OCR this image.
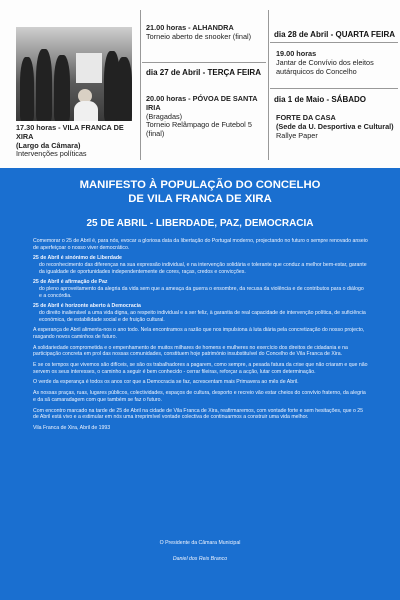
21.00 horas - ALHANDRA
Torneio aberto de snooker (final)
17.30 horas - VILA FRANCA DE XIRA
(Largo da Câmara)
Intervenções políticas
dia 27 de Abril - TERÇA FEIRA
20.00 horas - PÓVOA DE SANTA IRIA
(Bragadas)
Torneio Relâmpago de Futebol 5 (final)
dia 28 de Abril - QUARTA FEIRA
19.00 horas
Jantar de Convívio dos eleitos autárquicos do Concelho
dia 1 de Maio - SÁBADO
FORTE DA CASA
(Sede da U. Desportiva e Cultural)
Rallye Paper
MANIFESTO À POPULAÇÃO DO CONCELHO
DE VILA FRANCA DE XIRA
25 DE ABRIL - LIBERDADE, PAZ, DEMOCRACIA

Comemorar o 25 de Abril é, para nós, evocar a gloriosa data da libertação do Portugal moderno, projectando no futuro o sempre renovado anseio de aperfeiçoar o nosso viver democrático.

25 de Abril é sinónimo de Liberdade

do reconhecimento das diferenças na sua expressão individual, e na intervenção solidária e tolerante que conduz a melhor bem-estar, garante da igualdade de oportunidades independentemente de cores, raças, credos e convicções.

25 de Abril é afirmação de Paz

do pleno aproveitamento da alegria da vida sem que a ameaça da guerra o ensombre, da recusa da violência e de contributos para o diálogo e a concórdia.

25 de Abril é horizonte aberto à Democracia

do direito inalienável a uma vida digna, ao respeito individual e a ser feliz, à garantia de real capacidade de intervenção política, de suficiência económica, de estabilidade social e de fruição cultural.

A esperança de Abril alimenta-nos o ano todo. Nela encontramos a razão que nos impulsiona à luta diária pela concretização do nosso projecto, rasgando novos caminhos de futuro.

A solidariedade comprometida e o empenhamento de muitos milhares de homens e mulheres no exercício dos direitos de cidadania e na participação concreta em prol das nossas comunidades, constituem hoje património insubstituível do Concelho de Vila Franca de Xira.

E se os tempos que vivemos são difíceis, se são os trabalhadores a pagarem, como sempre, a pesada fatura da crise que não criaram e que não servem os seus interesses, o caminho a seguir é bem conhecido - cerrar fileiras, reforçar a acção, lutar com determinação.

O verde da esperança é todos os anos cor que a Democracia se faz, acrescentam mais Primavera ao mês de Abril.

As nossas praças, ruas, lugares públicos, colectividades, espaços de cultura, desporto e recreio vão estar cheios do convívio fraterno, da alegria e da sã camaradagem com que também se faz o futuro.

Com encontro marcado na tarde de 25 de Abril na cidade de Vila Franca de Xira, reafirmaremos, com vontade forte e sem hesitações, que o 25 de Abril está vivo e a estimular em nós uma irreprimível vontade colectiva de continuarmos a construir uma vida melhor.

Vila Franca de Xira, Abril de 1993

O Presidente da Câmara Municipal
Daniel dos Reis Branco
